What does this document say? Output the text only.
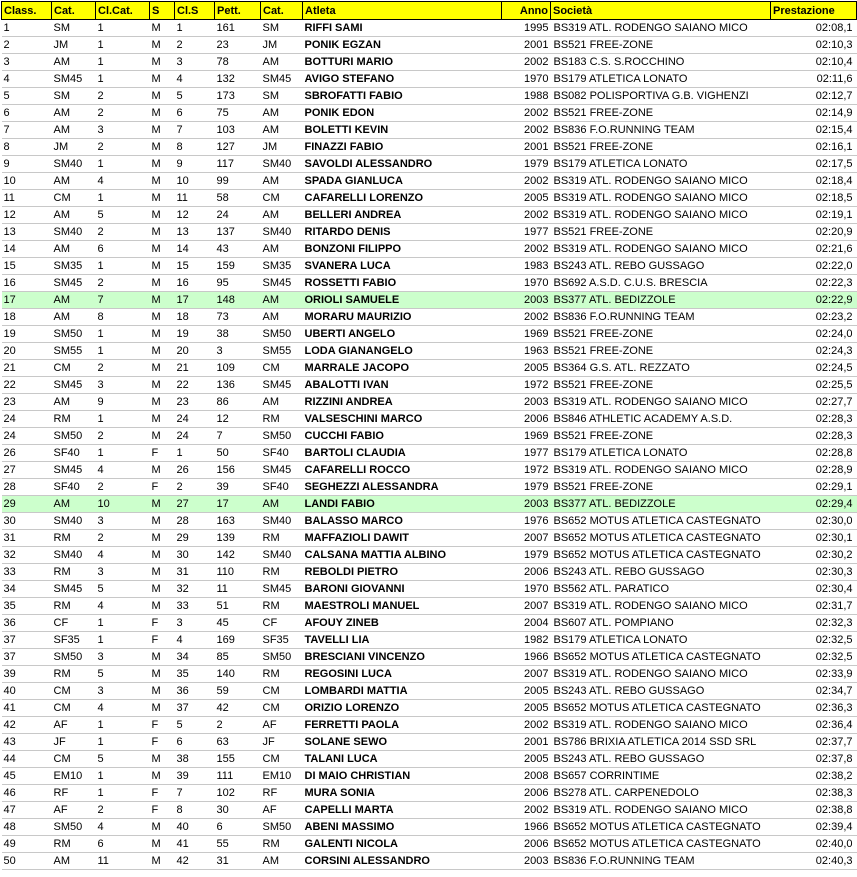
Class.	Cat.	Cl.Cat.	S	Cl.S	Pett.	Cat.	Atleta	Anno	Società	Prestazione
1	SM	1	M	1	161	SM	RIFFI SAMI	1995	BS319 ATL. RODENGO SAIANO MICO	02:08,1
2	JM	1	M	2	23	JM	PONIK EGZAN	2001	BS521 FREE-ZONE	02:10,3
3	AM	1	M	3	78	AM	BOTTURI MARIO	2002	BS183 C.S. S.ROCCHINO	02:10,4
4	SM45	1	M	4	132	SM45	AVIGO STEFANO	1970	BS179 ATLETICA LONATO	02:11,6
5	SM	2	M	5	173	SM	SBROFATTI FABIO	1988	BS082 POLISPORTIVA G.B. VIGHENZI	02:12,7
6	AM	2	M	6	75	AM	PONIK EDON	2002	BS521 FREE-ZONE	02:14,9
7	AM	3	M	7	103	AM	BOLETTI KEVIN	2002	BS836 F.O.RUNNING TEAM	02:15,4
8	JM	2	M	8	127	JM	FINAZZI FABIO	2001	BS521 FREE-ZONE	02:16,1
9	SM40	1	M	9	117	SM40	SAVOLDI ALESSANDRO	1979	BS179 ATLETICA LONATO	02:17,5
10	AM	4	M	10	99	AM	SPADA GIANLUCA	2002	BS319 ATL. RODENGO SAIANO MICO	02:18,4
11	CM	1	M	11	58	CM	CAFARELLI LORENZO	2005	BS319 ATL. RODENGO SAIANO MICO	02:18,5
12	AM	5	M	12	24	AM	BELLERI ANDREA	2002	BS319 ATL. RODENGO SAIANO MICO	02:19,1
13	SM40	2	M	13	137	SM40	RITARDO DENIS	1977	BS521 FREE-ZONE	02:20,9
14	AM	6	M	14	43	AM	BONZONI FILIPPO	2002	BS319 ATL. RODENGO SAIANO MICO	02:21,6
15	SM35	1	M	15	159	SM35	SVANERA LUCA	1983	BS243 ATL. REBO GUSSAGO	02:22,0
16	SM45	2	M	16	95	SM45	ROSSETTI FABIO	1970	BS692 A.S.D. C.U.S. BRESCIA	02:22,3
17	AM	7	M	17	148	AM	ORIOLI SAMUELE	2003	BS377 ATL. BEDIZZOLE	02:22,9
18	AM	8	M	18	73	AM	MORARU MAURIZIO	2002	BS836 F.O.RUNNING TEAM	02:23,2
19	SM50	1	M	19	38	SM50	UBERTI ANGELO	1969	BS521 FREE-ZONE	02:24,0
20	SM55	1	M	20	3	SM55	LODA GIANANGELO	1963	BS521 FREE-ZONE	02:24,3
21	CM	2	M	21	109	CM	MARRALE JACOPO	2005	BS364 G.S. ATL. REZZATO	02:24,5
22	SM45	3	M	22	136	SM45	ABALOTTI IVAN	1972	BS521 FREE-ZONE	02:25,5
23	AM	9	M	23	86	AM	RIZZINI ANDREA	2003	BS319 ATL. RODENGO SAIANO MICO	02:27,7
24	RM	1	M	24	12	RM	VALSESCHINI MARCO	2006	BS846 ATHLETIC ACADEMY A.S.D.	02:28,3
24	SM50	2	M	24	7	SM50	CUCCHI FABIO	1969	BS521 FREE-ZONE	02:28,3
26	SF40	1	F	1	50	SF40	BARTOLI CLAUDIA	1977	BS179 ATLETICA LONATO	02:28,8
27	SM45	4	M	26	156	SM45	CAFARELLI ROCCO	1972	BS319 ATL. RODENGO SAIANO MICO	02:28,9
28	SF40	2	F	2	39	SF40	SEGHEZZI ALESSANDRA	1979	BS521 FREE-ZONE	02:29,1
29	AM	10	M	27	17	AM	LANDI FABIO	2003	BS377 ATL. BEDIZZOLE	02:29,4
30	SM40	3	M	28	163	SM40	BALASSO MARCO	1976	BS652 MOTUS ATLETICA CASTEGNATO	02:30,0
31	RM	2	M	29	139	RM	MAFFAZIOLI DAWIT	2007	BS652 MOTUS ATLETICA CASTEGNATO	02:30,1
32	SM40	4	M	30	142	SM40	CALSANA MATTIA ALBINO	1979	BS652 MOTUS ATLETICA CASTEGNATO	02:30,2
33	RM	3	M	31	110	RM	REBOLDI PIETRO	2006	BS243 ATL. REBO GUSSAGO	02:30,3
34	SM45	5	M	32	11	SM45	BARONI GIOVANNI	1970	BS562 ATL. PARATICO	02:30,4
35	RM	4	M	33	51	RM	MAESTROLI MANUEL	2007	BS319 ATL. RODENGO SAIANO MICO	02:31,7
36	CF	1	F	3	45	CF	AFOUY ZINEB	2004	BS607 ATL. POMPIANO	02:32,3
37	SF35	1	F	4	169	SF35	TAVELLI LIA	1982	BS179 ATLETICA LONATO	02:32,5
37	SM50	3	M	34	85	SM50	BRESCIANI VINCENZO	1966	BS652 MOTUS ATLETICA CASTEGNATO	02:32,5
39	RM	5	M	35	140	RM	REGOSINI LUCA	2007	BS319 ATL. RODENGO SAIANO MICO	02:33,9
40	CM	3	M	36	59	CM	LOMBARDI MATTIA	2005	BS243 ATL. REBO GUSSAGO	02:34,7
41	CM	4	M	37	42	CM	ORIZIO LORENZO	2005	BS652 MOTUS ATLETICA CASTEGNATO	02:36,3
42	AF	1	F	5	2	AF	FERRETTI PAOLA	2002	BS319 ATL. RODENGO SAIANO MICO	02:36,4
43	JF	1	F	6	63	JF	SOLANE SEWO	2001	BS786 BRIXIA ATLETICA 2014 SSD SRL	02:37,7
44	CM	5	M	38	155	CM	TALANI LUCA	2005	BS243 ATL. REBO GUSSAGO	02:37,8
45	EM10	1	M	39	111	EM10	DI MAIO CHRISTIAN	2008	BS657 CORRINTIME	02:38,2
46	RF	1	F	7	102	RF	MURA SONIA	2006	BS278 ATL. CARPENEDOLO	02:38,3
47	AF	2	F	8	30	AF	CAPELLI MARTA	2002	BS319 ATL. RODENGO SAIANO MICO	02:38,8
48	SM50	4	M	40	6	SM50	ABENI MASSIMO	1966	BS652 MOTUS ATLETICA CASTEGNATO	02:39,4
49	RM	6	M	41	55	RM	GALENTI NICOLA	2006	BS652 MOTUS ATLETICA CASTEGNATO	02:40,0
50	AM	11	M	42	31	AM	CORSINI ALESSANDRO	2003	BS836 F.O.RUNNING TEAM	02:40,3
